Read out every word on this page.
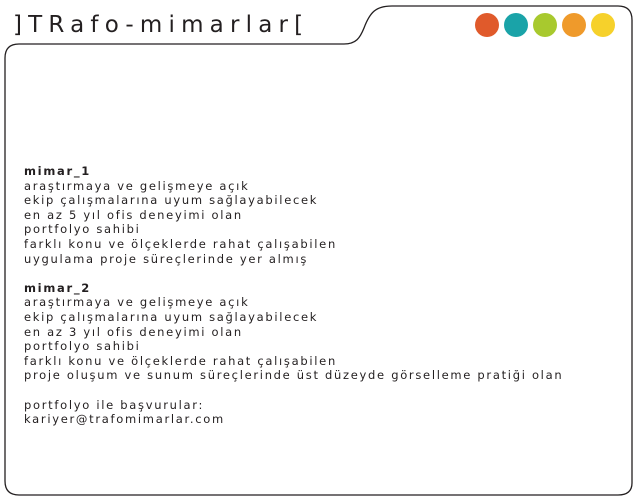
]TRafo-mimarlar[
mimar_1
araştırmaya ve gelişmeye açık
ekip çalışmalarına uyum sağlayabilecek
en az 5 yıl ofis deneyimi olan
portfolyo sahibi
farklı konu ve ölçeklerde rahat çalışabilen
uygulama proje süreçlerinde yer almış
mimar_2
araştırmaya ve gelişmeye açık
ekip çalışmalarına uyum sağlayabilecek
en az 3 yıl ofis deneyimi olan
portfolyo sahibi
farklı konu ve ölçeklerde rahat çalışabilen
proje oluşum ve sunum süreçlerinde üst düzeyde görselleme pratiği olan
portfolyo ile başvurular:
kariyer@trafomimarlar.com
